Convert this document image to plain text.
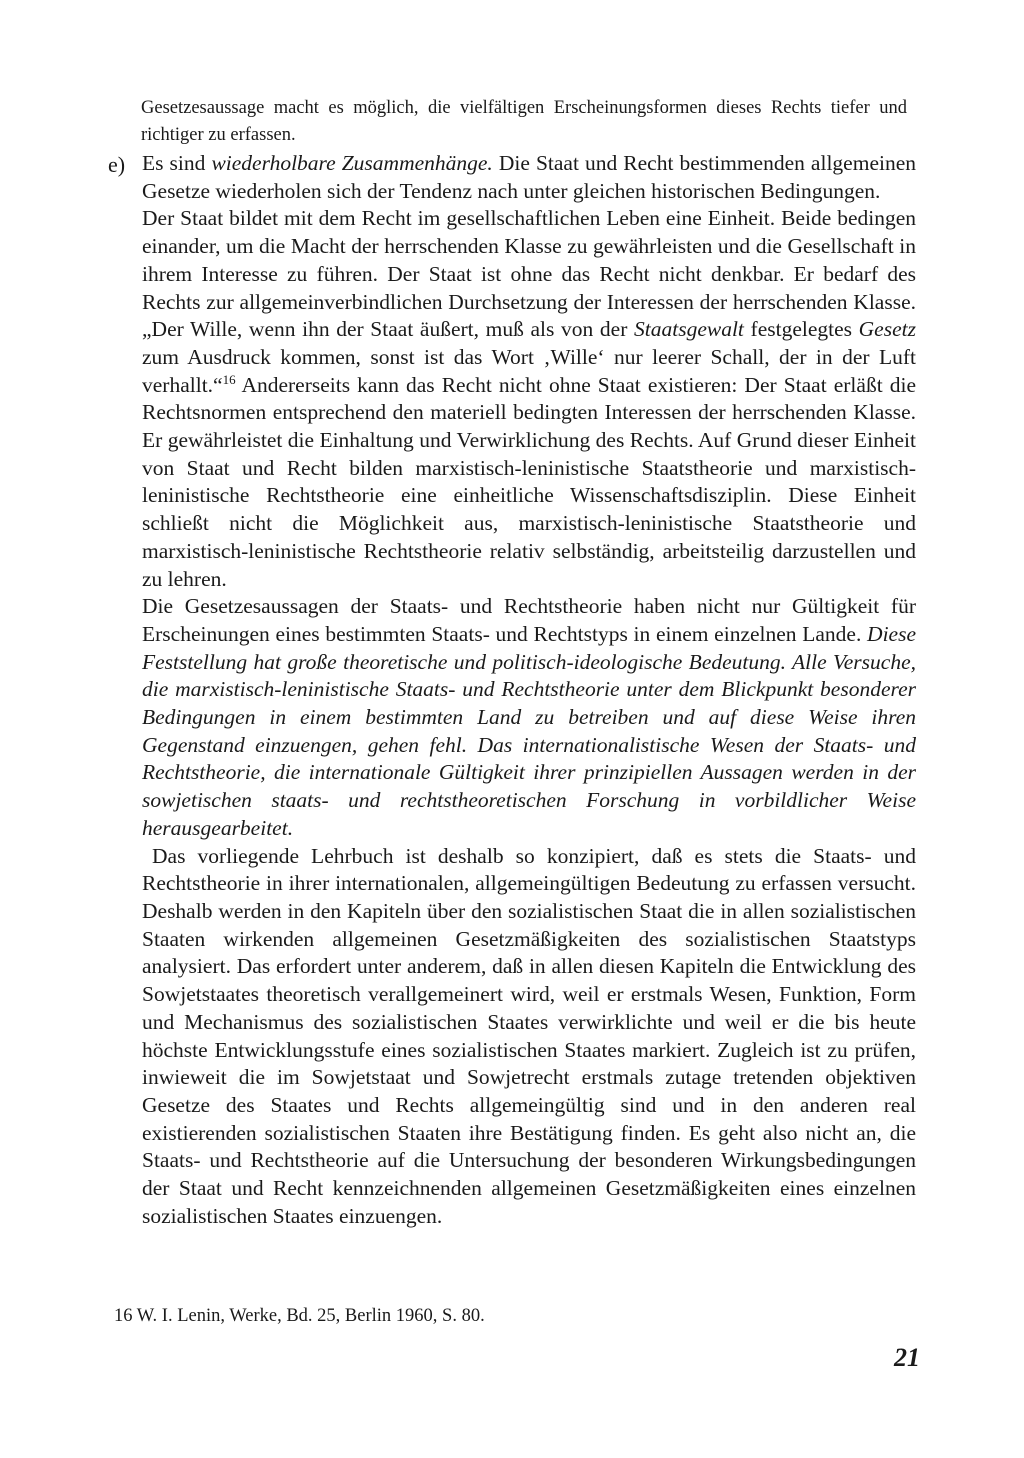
Gesetzesaussage macht es möglich, die vielfältigen Erscheinungsformen dieses Rechts tiefer und richtiger zu erfassen.

e) Es sind wiederholbare Zusammenhänge. Die Staat und Recht bestimmenden allgemeinen Gesetze wiederholen sich der Tendenz nach unter gleichen historischen Bedingungen.

Der Staat bildet mit dem Recht im gesellschaftlichen Leben eine Einheit. Beide bedingen einander, um die Macht der herrschenden Klasse zu gewährleisten und die Gesellschaft in ihrem Interesse zu führen. Der Staat ist ohne das Recht nicht denkbar. Er bedarf des Rechts zur allgemeinverbindlichen Durchsetzung der Interessen der herrschenden Klasse. „Der Wille, wenn ihn der Staat äußert, muß als von der Staatsgewalt festgelegtes Gesetz zum Ausdruck kommen, sonst ist das Wort ‚Wille‘ nur leerer Schall, der in der Luft verhallt.“$^{16}$ Andererseits kann das Recht nicht ohne Staat existieren: Der Staat erläßt die Rechtsnormen entsprechend den materiell bedingten Interessen der herrschenden Klasse. Er gewährleistet die Einhaltung und Verwirklichung des Rechts. Auf Grund dieser Einheit von Staat und Recht bilden marxistisch-leninistische Staatstheorie und marxistisch-leninistische Rechtstheorie eine einheitliche Wissenschaftsdisziplin. Diese Einheit schließt nicht die Möglichkeit aus, marxistisch-leninistische Staatstheorie und marxistisch-leninistische Rechtstheorie relativ selbständig, arbeitsteilig darzustellen und zu lehren.

Die Gesetzesaussagen der Staats- und Rechtstheorie haben nicht nur Gültigkeit für Erscheinungen eines bestimmten Staats- und Rechtstyps in einem einzelnen Lande. Diese Feststellung hat große theoretische und politisch-ideologische Bedeutung. Alle Versuche, die marxistisch-leninistische Staats- und Rechtstheorie unter dem Blickpunkt besonderer Bedingungen in einem bestimmten Land zu betreiben und auf diese Weise ihren Gegenstand einzuengen, gehen fehl. Das internationalistische Wesen der Staats- und Rechtstheorie, die internationale Gültigkeit ihrer prinzipiellen Aussagen werden in der sowjetischen staats- und rechtstheoretischen Forschung in vorbildlicher Weise herausgearbeitet.

Das vorliegende Lehrbuch ist deshalb so konzipiert, daß es stets die Staats- und Rechtstheorie in ihrer internationalen, allgemeingültigen Bedeutung zu erfassen versucht. Deshalb werden in den Kapiteln über den sozialistischen Staat die in allen sozialistischen Staaten wirkenden allgemeinen Gesetzmäßigkeiten des sozialistischen Staatstyps analysiert. Das erfordert unter anderem, daß in allen diesen Kapiteln die Entwicklung des Sowjetstaates theoretisch verallgemeinert wird, weil er erstmals Wesen, Funktion, Form und Mechanismus des sozialistischen Staates verwirklichte und weil er die bis heute höchste Entwicklungsstufe eines sozialistischen Staates markiert. Zugleich ist zu prüfen, inwieweit die im Sowjetstaat und Sowjetrecht erstmals zutage tretenden objektiven Gesetze des Staates und Rechts allgemeingültig sind und in den anderen real existierenden sozialistischen Staaten ihre Bestätigung finden. Es geht also nicht an, die Staats- und Rechtstheorie auf die Untersuchung der besonderen Wirkungsbedingungen der Staat und Recht kennzeichnenden allgemeinen Gesetzmäßigkeiten eines einzelnen sozialistischen Staates einzuengen.

16 W. I. Lenin, Werke, Bd. 25, Berlin 1960, S. 80.
21
